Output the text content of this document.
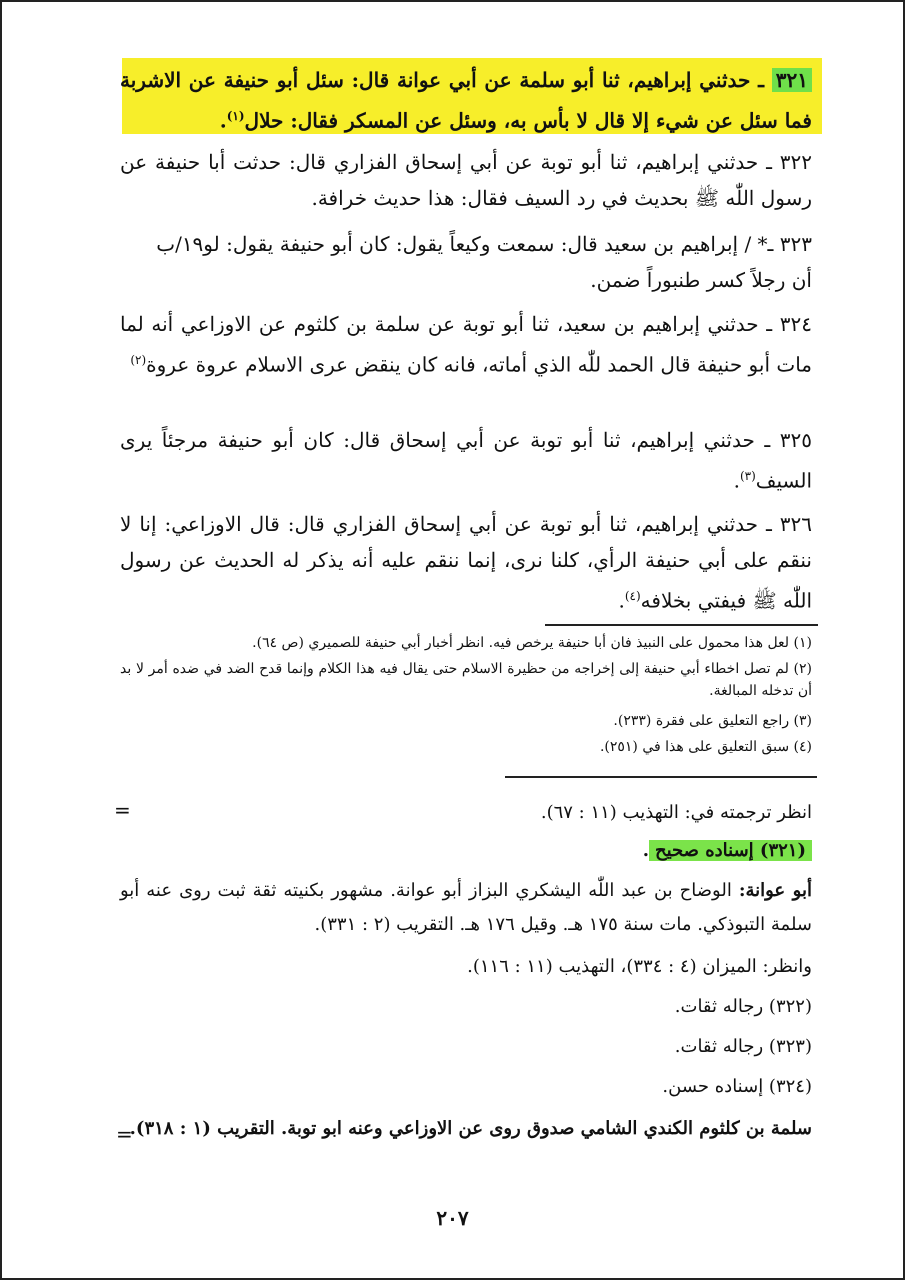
٣٢١ ـ حدثني إبراهيم، ثنا أبو سلمة عن أبي عوانة قال: سئل أبو حنيفة عن الاشربة فما سئل عن شيء إلا قال لا بأس به، وسئل عن المسكر فقال: حلال$^{(١)}$.
٣٢٢ ـ حدثني إبراهيم، ثنا أبو توبة عن أبي إسحاق الفزاري قال: حدثت أبا حنيفة عن رسول اللّٰه ﷺ بحديث في رد السيف فقال: هذا حديث خرافة.
٣٢٣ ـ* / إبراهيم بن سعيد قال: سمعت وكيعاً يقول: كان أبو حنيفة يقول: لو١٩/ب
أن رجلاً كسر طنبوراً ضمن.
٣٢٤ ـ حدثني إبراهيم بن سعيد، ثنا أبو توبة عن سلمة بن كلثوم عن الاوزاعي أنه لما مات أبو حنيفة قال الحمد للّٰه الذي أماته، فانه كان ينقض عرى الاسلام عروة عروة$^{(٢)}$
٣٢٥ ـ حدثني إبراهيم، ثنا أبو توبة عن أبي إسحاق قال: كان أبو حنيفة مرجئاً يرى السيف$^{(٣)}$.
٣٢٦ ـ حدثني إبراهيم، ثنا أبو توبة عن أبي إسحاق الفزاري قال: قال الاوزاعي: إنا لا ننقم على أبي حنيفة الرأي، كلنا نرى، إنما ننقم عليه أنه يذكر له الحديث عن رسول اللّٰه ﷺ فيفتي بخلافه$^{(٤)}$.
(١) لعل هذا محمول على النبيذ فان أبا حنيفة يرخص فيه. انظر أخبار أبي حنيفة للصميري (ص ٦٤).
(٢) لم تصل اخطاء أبي حنيفة إلى إخراجه من حظيرة الاسلام حتى يقال فيه هذا الكلام وإنما قدح الضد في ضده أمر لا بد أن تدخله المبالغة.
(٣) راجع التعليق على فقرة (٢٣٣).
(٤) سبق التعليق على هذا في (٢٥١).
=	انظر ترجمته في: التهذيب (١١ : ٦٧).
(٣٢١) إسناده صحيح.
أبو عوانة: الوضاح بن عبد اللّٰه اليشكري البزاز أبو عوانة. مشهور بكنيته ثقة ثبت روى عنه أبو سلمة التبوذكي. مات سنة ١٧٥ هـ. وقيل ١٧٦ هـ. التقريب (٢ : ٣٣١).
وانظر: الميزان (٤ : ٣٣٤)، التهذيب (١١ : ١١٦).
(٣٢٢) رجاله ثقات.
(٣٢٣) رجاله ثقات.
(٣٢٤) إسناده حسن.
سلمة بن كلثوم الكندي الشامي صدوق روى عن الاوزاعي وعنه ابو توبة. التقريب (١ : ٣١٨).
=
٢٠٧
